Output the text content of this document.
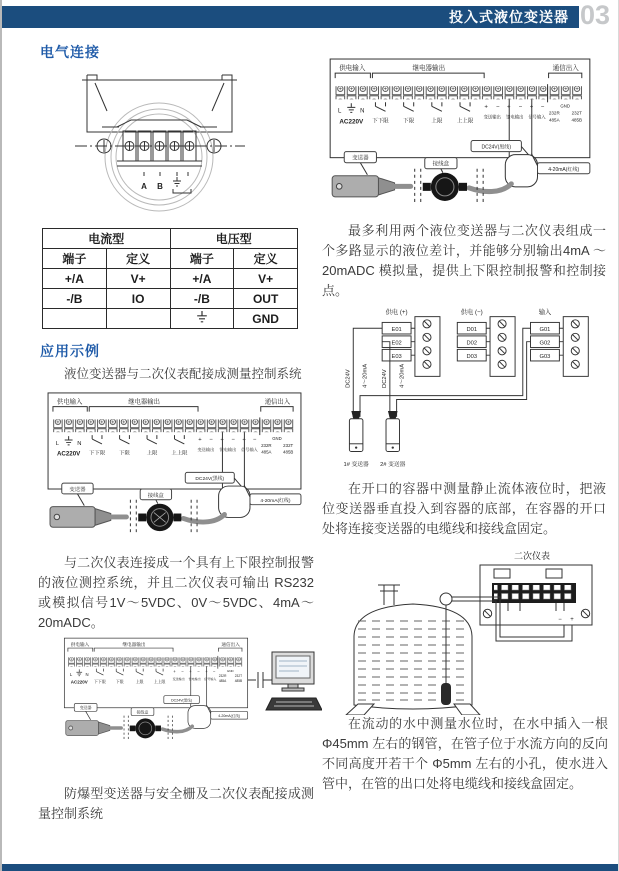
投入式液位变送器 03
电气连接
A B
电流型		电压型	
端子	定义	端子	定义
+/A	V+	+/A	V+
-/B	IO	-/B	OUT
			GND
应用示例
液位变送器与二次仪表配接成测量控制系统
供电输入	继电器输出	通信出入
L	N
AC220V 下下限	下限	上限	上上限
+ − + − + −
变送输出 馈电输出 信号输入
GND
232R
485A
232T
485B
变送器
接线盒
DC24V(黑线)
4-20mA(红线)
与二次仪表连接成一个具有上下限控制报警的液位测控系统，并且二次仪表可输出 RS232 或模拟信号1V～5VDC、0V～5VDC、4mA～20mADC。
供电输入	继电器输出	通信出入
L N
AC220V 下下限 下限 上限 上上限
+ − + − + −
变送输出 馈电输出 信号输入
GND
232R
485A
232T
485B
变送器
接线盒
DC24V(黑线)
4-20mA(红线)
防爆型变送器与安全栅及二次仪表配接成测量控制系统
供电输入	继电器输出	通信出入
L	N
AC220V 下下限	下限	上限	上上限
+ − + − + −
变送输出 馈电输出 信号输入
GND
232R
485A
232T
485B
变送器
接线盒
DC24V(黑线)
4-20mA(红线)
最多利用两个液位变送器与二次仪表组成一个多路显示的液位差计，并能够分别输出4mA ～ 20mADC 模拟量，提供上下限控制报警和控制接点。
供电 (+)	供电 (−)	输入
E01
E02
E03
D01
D02
D03
G01
G02
G03
DC24V 4～20mA DC24V 4～20mA
1# 变送器 2# 变送器
在开口的容器中测量静止流体液位时，把液位变送器垂直投入到容器的底部，在容器的开口处将连接变送器的电缆线和接线盒固定。
二次仪表
− +
在流动的水中测量水位时，在水中插入一根Φ45mm 左右的钢管，在管子位于水流方向的反向不同高度开若干个 Φ5mm 左右的小孔，使水进入管中，在管的出口处将电缆线和接线盒固定。
